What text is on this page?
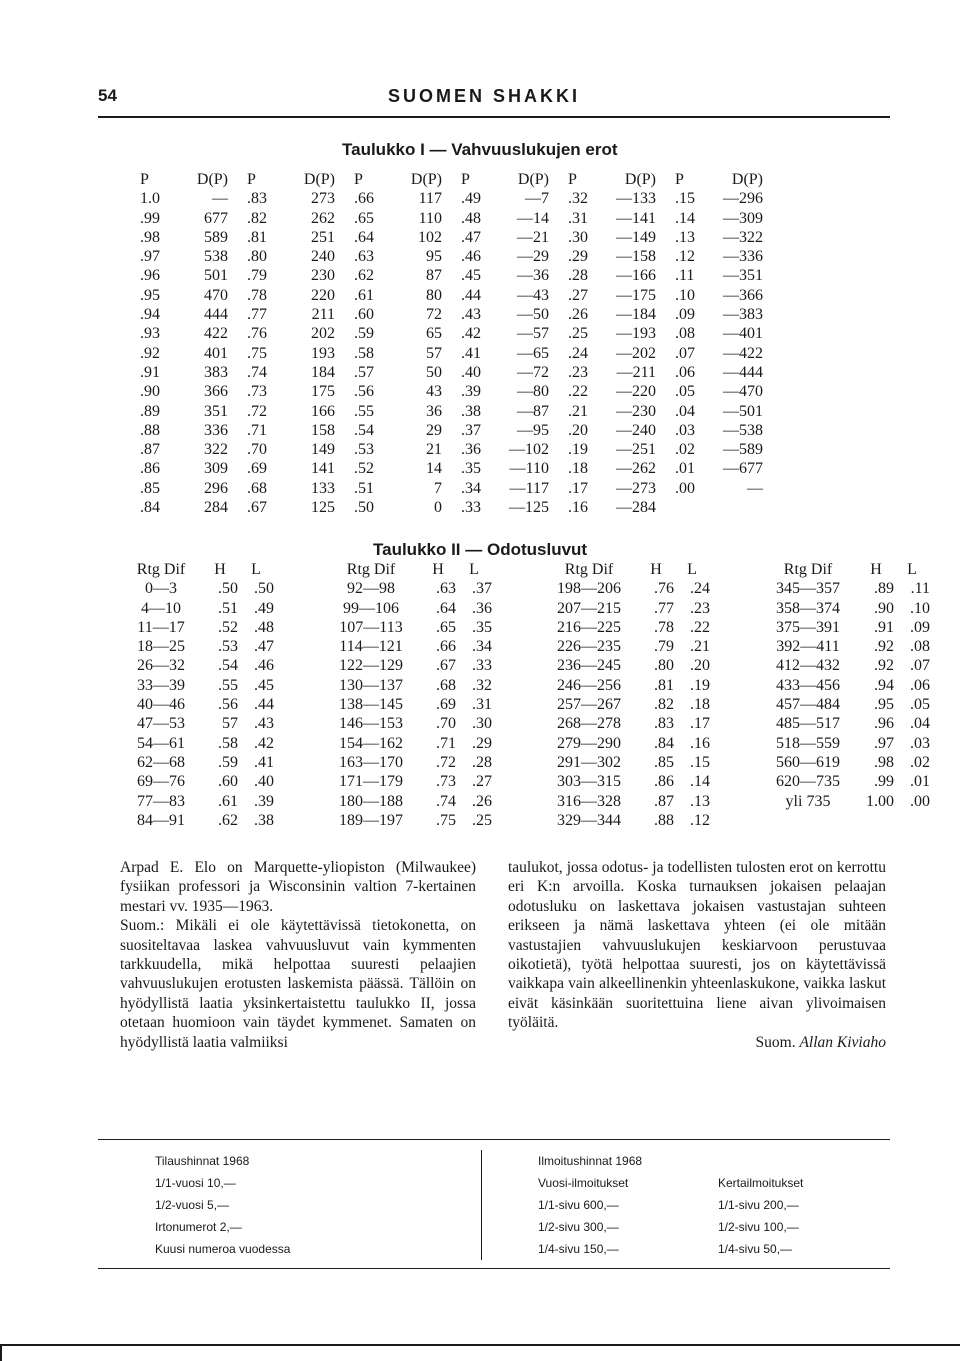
54	SUOMEN SHAKKI
Taulukko I — Vahvuuslukujen erot
P	D(P) P	D(P) P	D(P) P	D(P) P	D(P) P	D(P)
1.0	— .83	273 .66	117 .49	—7 .32	—133 .15	—296
.99	677 .82	262 .65	110 .48	—14 .31	—141 .14	—309
.98	589 .81	251 .64	102 .47	—21 .30	—149 .13	—322
.97	538 .80	240 .63	95 .46	—29 .29	—158 .12	—336
.96	501 .79	230 .62	87 .45	—36 .28	—166 .11	—351
.95	470 .78	220 .61	80 .44	—43 .27	—175 .10	—366
.94	444 .77	211 .60	72 .43	—50 .26	—184 .09	—383
.93	422 .76	202 .59	65 .42	—57 .25	—193 .08	—401
.92	401 .75	193 .58	57 .41	—65 .24	—202 .07	—422
.91	383 .74	184 .57	50 .40	—72 .23	—211 .06	—444
.90	366 .73	175 .56	43 .39	—80 .22	—220 .05	—470
.89	351 .72	166 .55	36 .38	—87 .21	—230 .04	—501
.88	336 .71	158 .54	29 .37	—95 .20	—240 .03	—538
.87	322 .70	149 .53	21 .36	—102 .19	—251 .02	—589
.86	309 .69	141 .52	14 .35	—110 .18	—262 .01	—677
.85	296 .68	133 .51	7 .34	—117 .17	—273 .00	—
.84	284 .67	125 .50	0 .33	—125 .16	—284
Taulukko II — Odotusluvut
Rtg Dif	H	L	Rtg Dif	H	L	Rtg Dif	H	L	Rtg Dif	H	L
0—3	.50	.50	92—98	.63	.37	198—206	.76	.24	345—357	.89	.11
4—10	.51	.49	99—106	.64	.36	207—215	.77	.23	358—374	.90	.10
11—17	.52	.48	107—113	.65	.35	216—225	.78	.22	375—391	.91	.09
18—25	.53	.47	114—121	.66	.34	226—235	.79	.21	392—411	.92	.08
26—32	.54	.46	122—129	.67	.33	236—245	.80	.20	412—432	.92	.07
33—39	.55	.45	130—137	.68	.32	246—256	.81	.19	433—456	.94	.06
40—46	.56	.44	138—145	.69	.31	257—267	.82	.18	457—484	.95	.05
47—53	57	.43	146—153	.70	.30	268—278	.83	.17	485—517	.96	.04
54—61	.58	.42	154—162	.71	.29	279—290	.84	.16	518—559	.97	.03
62—68	.59	.41	163—170	.72	.28	291—302	.85	.15	560—619	.98	.02
69—76	.60	.40	171—179	.73	.27	303—315	.86	.14	620—735	.99	.01
77—83	.61	.39	180—188	.74	.26	316—328	.87	.13	yli 735	1.00	.00
84—91	.62	.38	189—197	.75	.25	329—344	.88	.12

Arpad E. Elo on Marquette-yliopiston (Milwaukee) fysiikan professori ja Wisconsinin valtion 7-kertainen mestari vv. 1935—1963.

Suom.: Mikäli ei ole käytettävissä tietokonetta, on suositeltavaa laskea vahvuusluvut vain kymmenten tarkkuudella, mikä helpottaa suuresti pelaajien vahvuuslukujen erotusten laskemista päässä. Tällöin on hyödyllistä laatia yksinkertaistettu taulukko II, jossa otetaan huomioon vain täydet kymmenet. Samaten on hyödyllistä laatia valmiiksi

taulukot, jossa odotus- ja todellisten tulosten erot on kerrottu eri K:n arvoilla. Koska turnauksen jokaisen pelaajan odotusluku on laskettava jokaisen vastustajan suhteen erikseen ja nämä laskettava yhteen (ei ole mitään vastustajien vahvuuslukujen keskiarvoon perustuvaa oikotietä), työtä helpottaa suuresti, jos on käytettävissä vaikkapa vain alkeellinenkin yhteenlaskukone, vaikka laskut eivät käsinkään suoritettuina liene aivan ylivoimaisen työläitä.

Suom. Allan Kiviaho

Tilaushinnat 1968
1/1-vuosi 10,—
1/2-vuosi 5,—
Irtonumerot 2,—
Kuusi numeroa vuodessa
Ilmoitushinnat 1968
Vuosi-ilmoitukset
1/1-sivu 600,—
1/2-sivu 300,—
1/4-sivu 150,—
Kertailmoitukset
1/1-sivu 200,—
1/2-sivu 100,—
1/4-sivu 50,—
